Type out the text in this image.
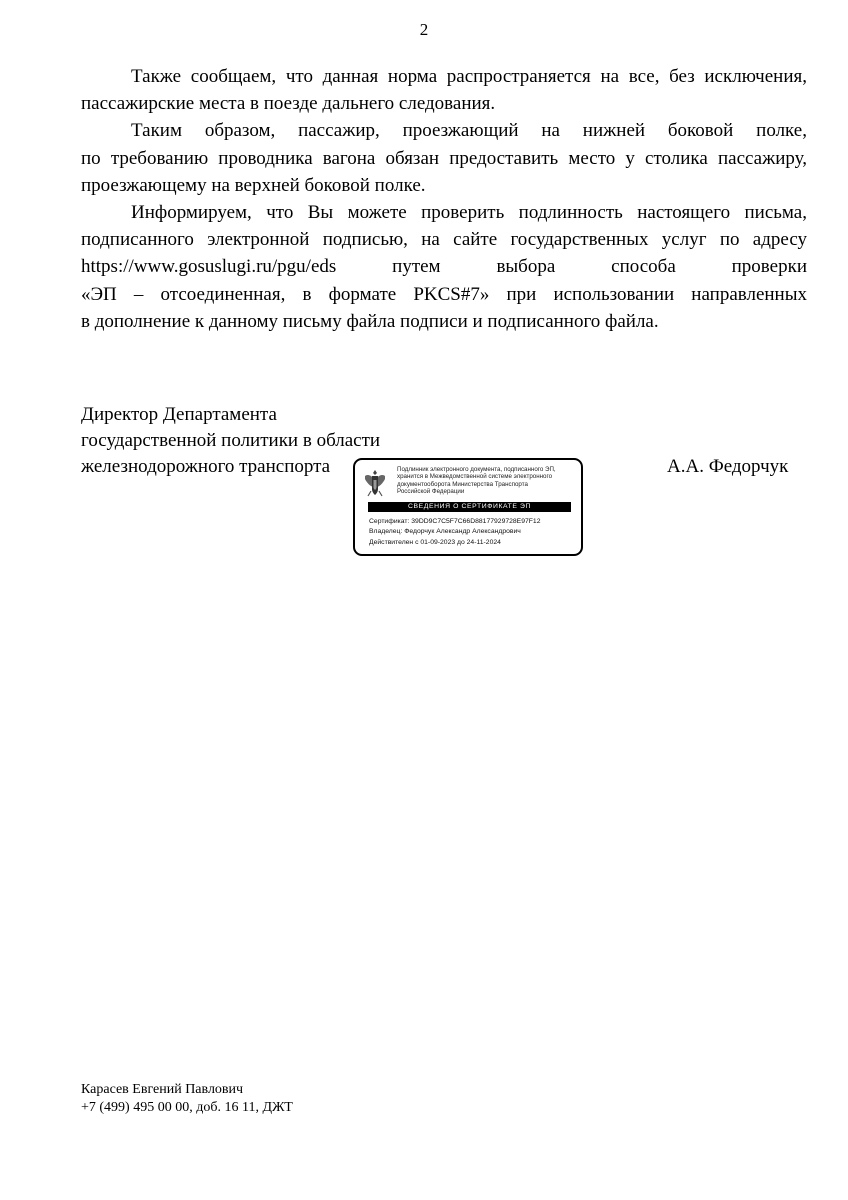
2

Также сообщаем, что данная норма распространяется на все, без исключения,
пассажирские места в поезде дальнего следования.

Таким образом, пассажир, проезжающий на нижней боковой полке,
по требованию проводника вагона обязан предоставить место у столика пассажиру,
проезжающему на верхней боковой полке.

Информируем, что Вы можете проверить подлинность настоящего письма,
подписанного электронной подписью, на сайте государственных услуг по адресу
https://www.gosuslugi.ru/pgu/eds путем выбора способа проверки
«ЭП – отсоединенная, в формате PKCS#7» при использовании направленных
в дополнение к данному письму файла подписи и подписанного файла.

Директор Департамента
государственной политики в области
железнодорожного транспорта	А.А. Федорчук
Подлинник электронного документа, подписанного ЭП,
хранится в Межведомственной системе электронного
документооборота Министерства Транспорта
Российской Федерации
СВЕДЕНИЯ О СЕРТИФИКАТЕ ЭП
Сертификат: 39DD9C7C5F7C66D88177929728E97F12
Владелец: Федорчук Александр Александрович
Действителен с 01-09-2023 до 24-11-2024
Карасев Евгений Павлович
+7 (499) 495 00 00, доб. 16 11, ДЖТ
